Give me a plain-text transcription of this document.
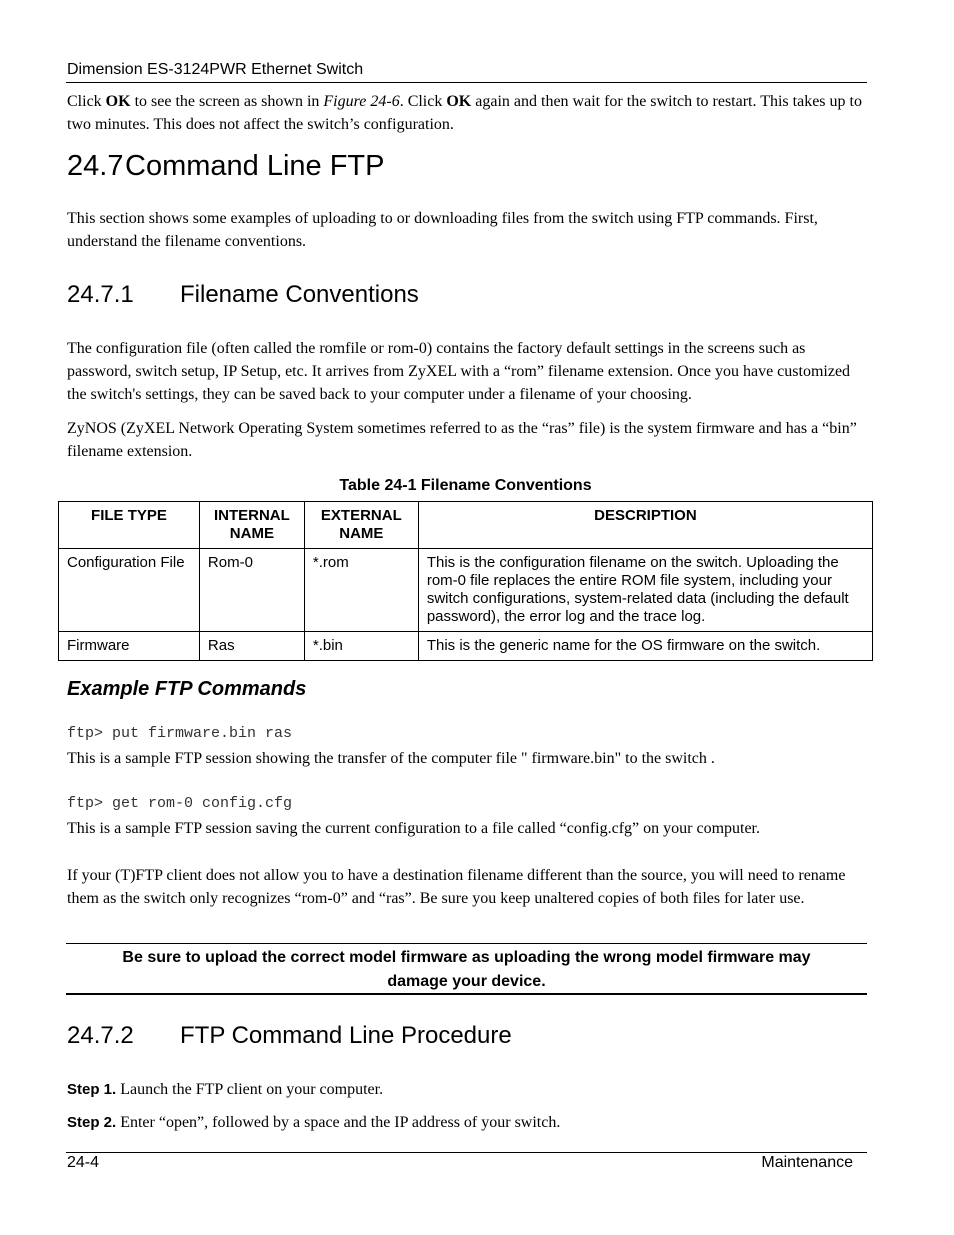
Dimension ES-3124PWR Ethernet Switch

Click OK to see the screen as shown in Figure 24-6. Click OK again and then wait for the switch to restart. This takes up to two minutes. This does not affect the switch’s configuration.

24.7Command Line FTP

This section shows some examples of uploading to or downloading files from the switch using FTP commands. First, understand the filename conventions.

24.7.1 Filename Conventions

The configuration file (often called the romfile or rom-0) contains the factory default settings in the screens such as password, switch setup, IP Setup, etc. It arrives from ZyXEL with a “rom” filename extension. Once you have customized the switch's settings, they can be saved back to your computer under a filename of your choosing.

ZyNOS (ZyXEL Network Operating System sometimes referred to as the “ras” file) is the system firmware and has a “bin” filename extension.

Table 24-1 Filename Conventions
FILE TYPE	INTERNAL NAME	EXTERNAL NAME	DESCRIPTION
Configuration File	Rom-0	*.rom	This is the configuration filename on the switch. Uploading the rom-0 file replaces the entire ROM file system, including your switch configurations, system-related data (including the default password), the error log and the trace log.
Firmware	Ras	*.bin	This is the generic name for the OS firmware on the switch.
Example FTP Commands
ftp> put firmware.bin ras

This is a sample FTP session showing the transfer of the computer file " firmware.bin" to the switch .

ftp> get rom-0 config.cfg

This is a sample FTP session saving the current configuration to a file called “config.cfg” on your computer.

If your (T)FTP client does not allow you to have a destination filename different than the source, you will need to rename them as the switch only recognizes “rom-0” and “ras”. Be sure you keep unaltered copies of both files for later use.

Be sure to upload the correct model firmware as uploading the wrong model firmware may
damage your device.
24.7.2 FTP Command Line Procedure
Step 1. Launch the FTP client on your computer.
Step 2. Enter “open”, followed by a space and the IP address of your switch.
24-4	Maintenance
